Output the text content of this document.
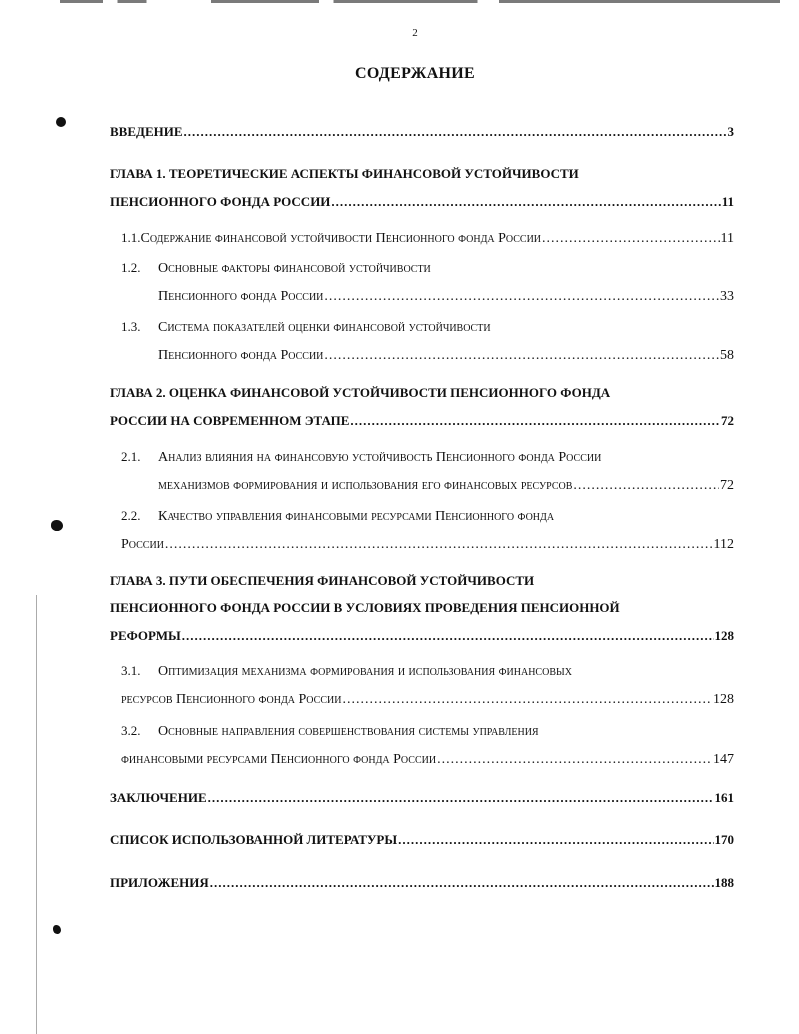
2
СОДЕРЖАНИЕ
ВВЕДЕНИЕ .....	3
ГЛАВА 1. ТЕОРЕТИЧЕСКИЕ АСПЕКТЫ ФИНАНСОВОЙ УСТОЙЧИВОСТИ
ПЕНСИОННОГО ФОНДА РОССИИ .....	11
1.1. Содержание финансовой устойчивости Пенсионного фонда России .....	11
1.2.	Основные факторы финансовой устойчивости
Пенсионного фонда России .....	33
1.3.	Система показателей оценки финансовой устойчивости
Пенсионного фонда России .....	58
ГЛАВА 2. ОЦЕНКА ФИНАНСОВОЙ УСТОЙЧИВОСТИ ПЕНСИОННОГО ФОНДА
РОССИИ НА СОВРЕМЕННОМ ЭТАПЕ .....	72
2.1.	Анализ влияния на финансовую устойчивость Пенсионного фонда России
механизмов формирования и использования его финансовых ресурсов .....	72
2.2.	Качество управления финансовыми ресурсами Пенсионного фонда
России .....	112
ГЛАВА 3. ПУТИ ОБЕСПЕЧЕНИЯ ФИНАНСОВОЙ УСТОЙЧИВОСТИ
ПЕНСИОННОГО ФОНДА РОССИИ В УСЛОВИЯХ ПРОВЕДЕНИЯ ПЕНСИОННОЙ
РЕФОРМЫ .....	128
3.1.	Оптимизация механизма формирования и использования финансовых
ресурсов Пенсионного фонда России .....	128
3.2.	Основные направления совершенствования системы управления
финансовыми ресурсами Пенсионного фонда России .....	147
ЗАКЛЮЧЕНИЕ .....	161
СПИСОК ИСПОЛЬЗОВАННОЙ ЛИТЕРАТУРЫ .....	170
ПРИЛОЖЕНИЯ .....	188
